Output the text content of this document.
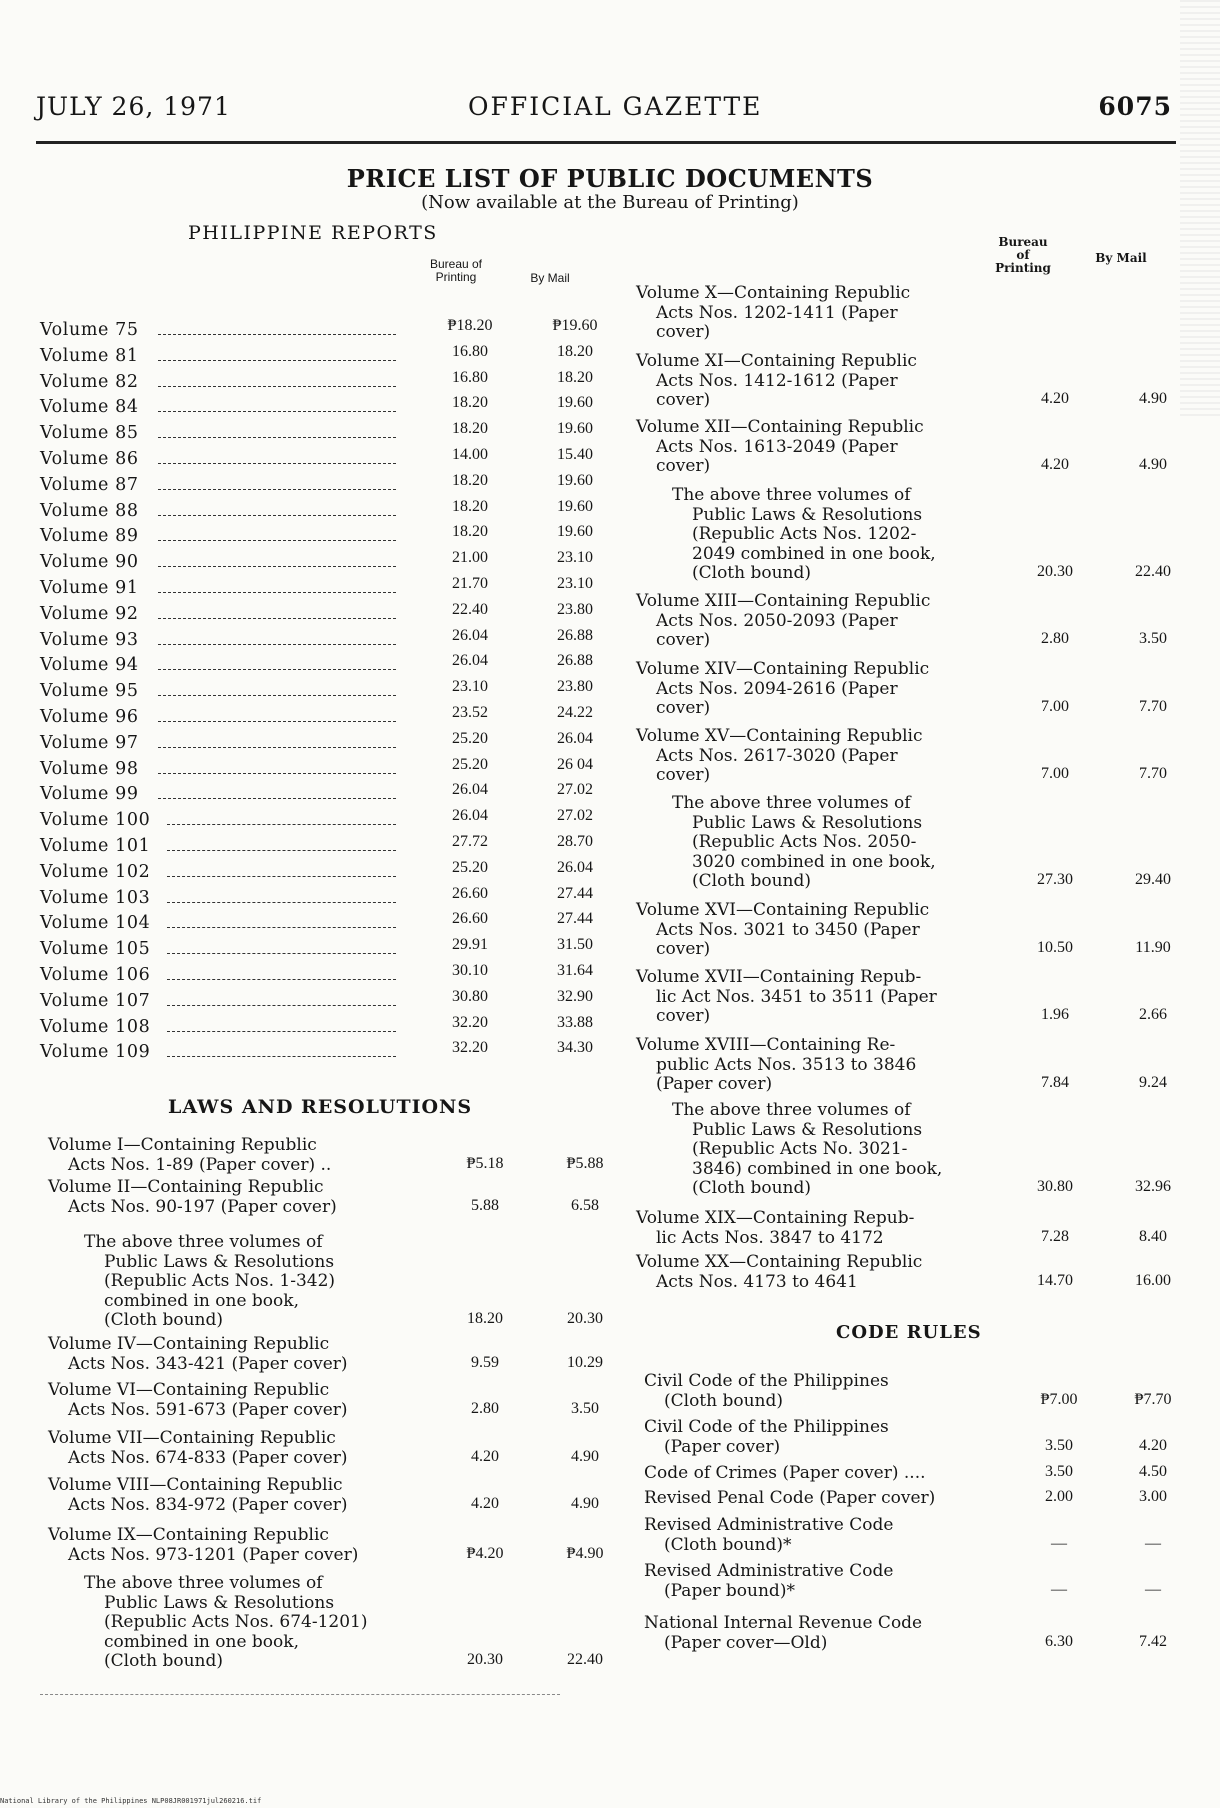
JULY 26, 1971	OFFICIAL GAZETTE	6075
PRICE LIST OF PUBLIC DOCUMENTS
(Now available at the Bureau of Printing)
PHILIPPINE REPORTS
Bureau of Printing	By Mail
Bureau of Printing
By Mail
Volume 75	₱18.20	₱19.60
Volume 81	16.80	18.20
Volume 82	16.80	18.20
Volume 84	18.20	19.60
Volume 85	18.20	19.60
Volume 86	14.00	15.40
Volume 87	18.20	19.60
Volume 88	18.20	19.60
Volume 89	18.20	19.60
Volume 90	21.00	23.10
Volume 91	21.70	23.10
Volume 92	22.40	23.80
Volume 93	26.04	26.88
Volume 94	26.04	26.88
Volume 95	23.10	23.80
Volume 96	23.52	24.22
Volume 97	25.20	26.04
Volume 98	25.20	26 04
Volume 99	26.04	27.02
Volume 100	26.04	27.02
Volume 101	27.72	28.70
Volume 102	25.20	26.04
Volume 103	26.60	27.44
Volume 104	26.60	27.44
Volume 105	29.91	31.50
Volume 106	30.10	31.64
Volume 107	30.80	32.90
Volume 108	32.20	33.88
Volume 109	32.20	34.30
LAWS AND RESOLUTIONS
Volume I—Containing Republic
Acts Nos. 1-89 (Paper cover) ..	₱5.18	₱5.88
Volume II—Containing Republic
Acts Nos. 90-197 (Paper cover)	5.88	6.58
The above three volumes of
Public Laws & Resolutions
(Republic Acts Nos. 1-342)
combined in one book,
(Cloth bound)	18.20	20.30
Volume IV—Containing Republic
Acts Nos. 343-421 (Paper cover)	9.59	10.29
Volume VI—Containing Republic
Acts Nos. 591-673 (Paper cover)	2.80	3.50
Volume VII—Containing Republic
Acts Nos. 674-833 (Paper cover)	4.20	4.90
Volume VIII—Containing Republic
Acts Nos. 834-972 (Paper cover)	4.20	4.90
Volume IX—Containing Republic
Acts Nos. 973-1201 (Paper cover)	₱4.20	₱4.90
The above three volumes of
Public Laws & Resolutions
(Republic Acts Nos. 674-1201)
combined in one book,
(Cloth bound)	20.30	22.40
Volume X—Containing Republic
Acts Nos. 1202-1411 (Paper
cover)
Volume XI—Containing Republic
Acts Nos. 1412-1612 (Paper
cover)	4.20	4.90
Volume XII—Containing Republic
Acts Nos. 1613-2049 (Paper
cover)	4.20	4.90
The above three volumes of
Public Laws & Resolutions
(Republic Acts Nos. 1202-
2049 combined in one book,
(Cloth bound)	20.30	22.40
Volume XIII—Containing Republic
Acts Nos. 2050-2093 (Paper
cover)	2.80	3.50
Volume XIV—Containing Republic
Acts Nos. 2094-2616 (Paper
cover)	7.00	7.70
Volume XV—Containing Republic
Acts Nos. 2617-3020 (Paper
cover)	7.00	7.70
The above three volumes of
Public Laws & Resolutions
(Republic Acts Nos. 2050-
3020 combined in one book,
(Cloth bound)	27.30	29.40
Volume XVI—Containing Republic
Acts Nos. 3021 to 3450 (Paper
cover)	10.50	11.90
Volume XVII—Containing Repub-
lic Act Nos. 3451 to 3511 (Paper
cover)	1.96	2.66
Volume XVIII—Containing Re-
public Acts Nos. 3513 to 3846
(Paper cover)	7.84	9.24
The above three volumes of
Public Laws & Resolutions
(Republic Acts No. 3021-
3846) combined in one book,
(Cloth bound)	30.80	32.96
Volume XIX—Containing Repub-
lic Acts Nos. 3847 to 4172	7.28	8.40
Volume XX—Containing Republic
Acts Nos. 4173 to 4641	14.70	16.00
CODE RULES
Civil Code of the Philippines
(Cloth bound)	₱7.00	₱7.70
Civil Code of the Philippines
(Paper cover)	3.50	4.20
Code of Crimes (Paper cover) ....	3.50	4.50
Revised Penal Code (Paper cover)	2.00	3.00
Revised Administrative Code
(Cloth bound)*	—	—
Revised Administrative Code
(Paper bound)*	—	—
National Internal Revenue Code
(Paper cover—Old)	6.30	7.42
National Library of the Philippines NLP08JR001971jul260216.tif
